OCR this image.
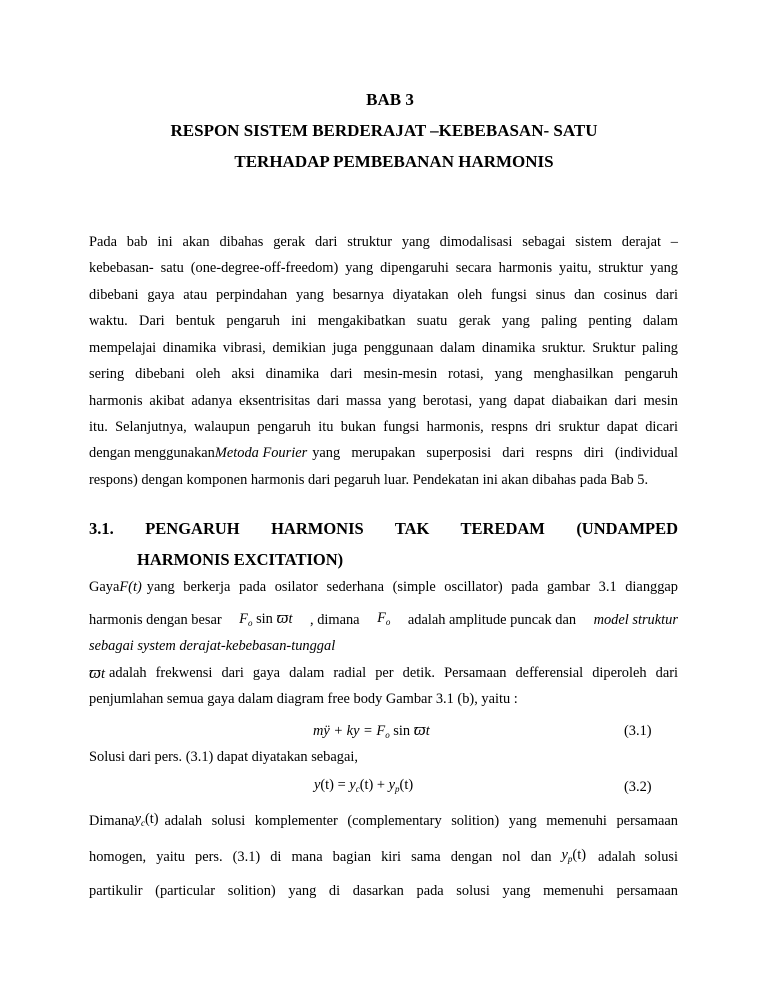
BAB 3
RESPON SISTEM BERDERAJAT –KEBEBASAN- SATU
TERHADAP PEMBEBANAN HARMONIS
Pada bab ini akan dibahas gerak dari struktur yang dimodalisasi sebagai sistem derajat –
kebebasan- satu (one-degree-off-freedom) yang dipengaruhi secara harmonis yaitu, struktur yang
dibebani gaya atau perpindahan yang besarnya diyatakan oleh fungsi sinus dan cosinus dari
waktu. Dari bentuk pengaruh ini mengakibatkan suatu gerak yang paling penting dalam
mempelajai dinamika vibrasi, demikian juga penggunaan dalam dinamika sruktur. Sruktur paling
sering dibebani oleh aksi dinamika dari mesin-mesin rotasi, yang menghasilkan pengaruh
harmonis akibat adanya eksentrisitas dari massa yang berotasi, yang dapat diabaikan dari mesin
itu. Selanjutnya, walaupun pengaruh itu bukan fungsi harmonis, respns dri sruktur dapat dicari
dengan menggunakan Metoda Fourier yang merupakan superposisi dari respns diri (individual
respons) dengan komponen harmonis dari pegaruh luar. Pendekatan ini akan dibahas pada Bab 5.
3.1. PENGARUH HARMONIS TAK TEREDAM (UNDAMPED
HARMONIS EXCITATION)
Gaya F(t) yang berkerja pada osilator sederhana (simple oscillator) pada gambar 3.1 dianggap
harmonis dengan besar $F_o$ sin ϖt , dimana $F_o$ adalah amplitude puncak dan model struktur
sebagai system derajat-kebebasan-tunggal
ϖt adalah frekwensi dari gaya dalam radial per detik. Persamaan defferensial diperoleh dari
penjumlahan semua gaya dalam diagram free body Gambar 3.1 (b), yaitu :
mÿ + ky = $F_o$ sin ϖt	(3.1)
Solusi dari pers. (3.1) dapat diyatakan sebagai,
$y(t) = y_c(t) + y_p(t)$	(3.2)
Dimana $y_c(t)$ adalah solusi komplementer (complementary solition) yang memenuhi persamaan
homogen, yaitu pers. (3.1) di mana bagian kiri sama dengan nol dan $y_p(t)$ adalah solusi
partikulir (particular solition) yang di dasarkan pada solusi yang memenuhi persamaan
